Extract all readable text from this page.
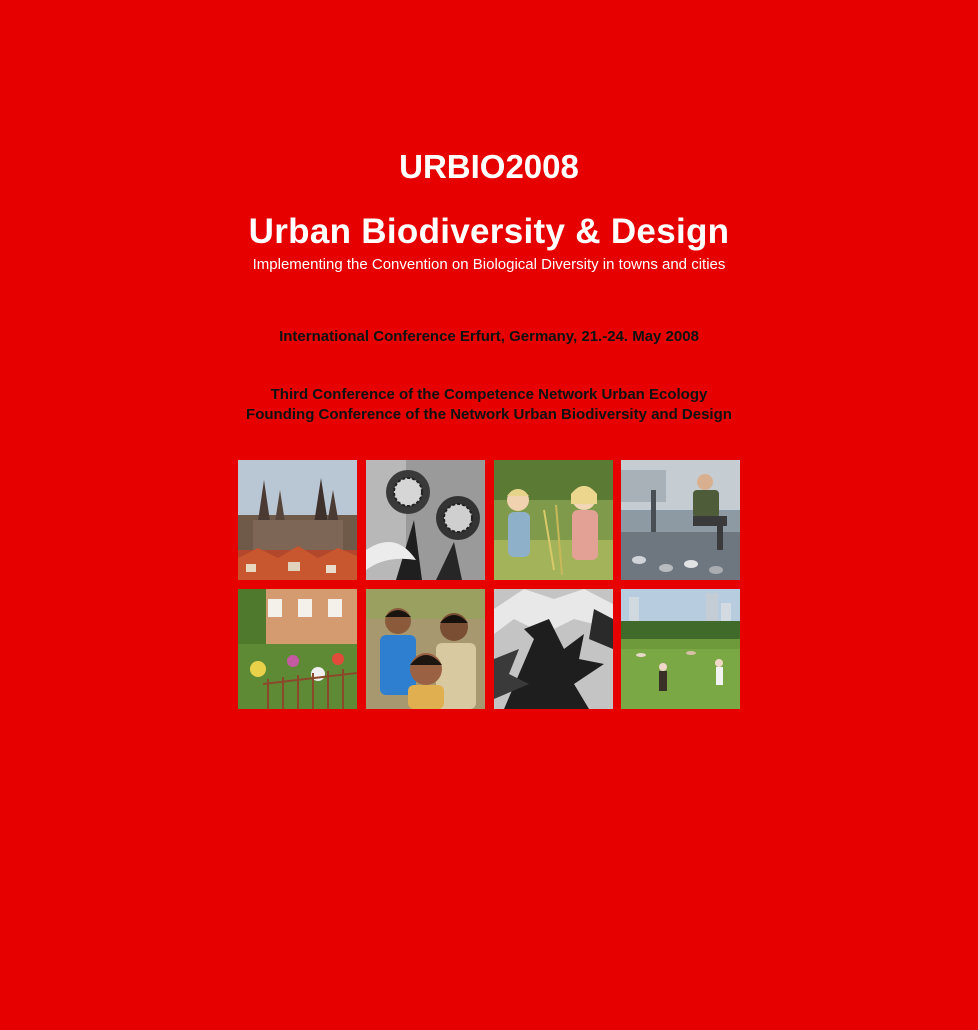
URBIO2008
Urban Biodiversity & Design
Implementing the Convention on Biological Diversity in towns and cities
International Conference Erfurt, Germany, 21.-24. May 2008
Third Conference of the Competence Network Urban Ecology
Founding Conference of the Network Urban Biodiversity and Design
